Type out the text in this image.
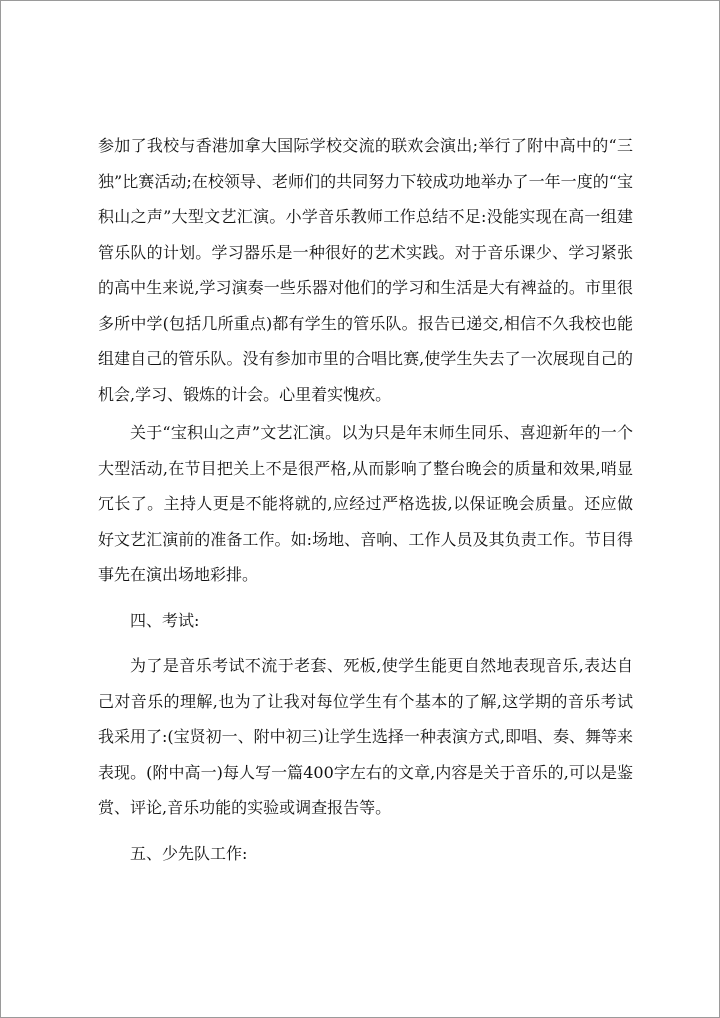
参加了我校与香港加拿大国际学校交流的联欢会演出;举行了附中高中的“三独”比赛活动;在校领导、老师们的共同努力下较成功地举办了一年一度的“宝积山之声”大型文艺汇演。小学音乐教师工作总结不足:没能实现在高一组建管乐队的计划。学习器乐是一种很好的艺术实践。对于音乐课少、学习紧张的高中生来说,学习演奏一些乐器对他们的学习和生活是大有裨益的。市里很多所中学(包括几所重点)都有学生的管乐队。报告已递交,相信不久我校也能组建自己的管乐队。没有参加市里的合唱比赛,使学生失去了一次展现自己的机会,学习、锻炼的计会。心里着实愧疚。

关于“宝积山之声”文艺汇演。以为只是年末师生同乐、喜迎新年的一个大型活动,在节目把关上不是很严格,从而影响了整台晚会的质量和效果,哨显冗长了。主持人更是不能将就的,应经过严格选拔,以保证晚会质量。还应做好文艺汇演前的准备工作。如:场地、音响、工作人员及其负责工作。节目得事先在演出场地彩排。

四、考试:

为了是音乐考试不流于老套、死板,使学生能更自然地表现音乐,表达自己对音乐的理解,也为了让我对每位学生有个基本的了解,这学期的音乐考试我采用了:(宝贤初一、附中初三)让学生选择一种表演方式,即唱、奏、舞等来表现。(附中高一)每人写一篇400字左右的文章,内容是关于音乐的,可以是鉴赏、评论,音乐功能的实验或调查报告等。

五、少先队工作:
